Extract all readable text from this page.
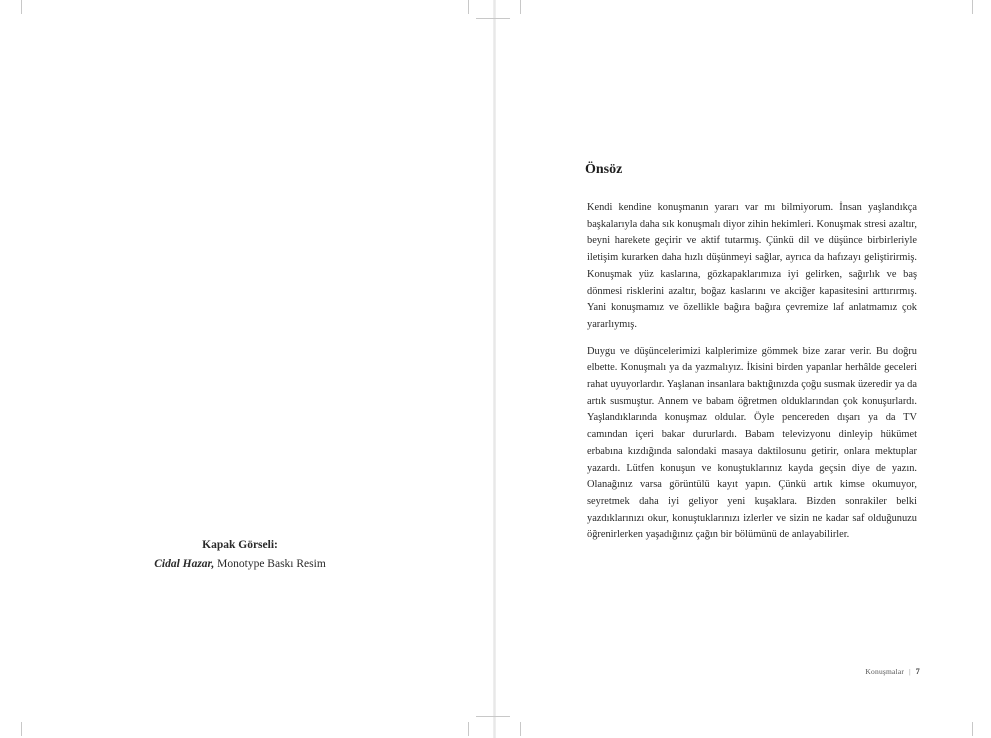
Kapak Görseli:
Cidal Hazar, Monotype Baskı Resim
Önsöz

Kendi kendine konuşmanın yararı var mı bilmiyorum. İnsan yaşlandıkça başkalarıyla daha sık konuşmalı diyor zihin hekimleri. Konuşmak stresi azaltır, beyni harekete geçirir ve aktif tutarmış. Çünkü dil ve düşünce birbirleriyle iletişim kurarken daha hızlı düşünmeyi sağlar, ayrıca da hafızayı geliştirirmiş. Konuşmak yüz kaslarına, gözkapaklarımıza iyi gelirken, sağırlık ve baş dönmesi risklerini azaltır, boğaz kaslarını ve akciğer kapasitesini arttırırmış. Yani konuşmamız ve özellikle bağıra bağıra çevremize laf anlatmamız çok yararlıymış.

Duygu ve düşüncelerimizi kalplerimize gömmek bize zarar verir. Bu doğru elbette. Konuşmalı ya da yazmalıyız. İkisini birden yapanlar herhâlde geceleri rahat uyuyorlardır. Yaşlanan insanlara baktığınızda çoğu susmak üzeredir ya da artık susmuştur. Annem ve babam öğretmen olduklarından çok konuşurlardı. Yaşlandıklarında konuşmaz oldular. Öyle pencereden dışarı ya da TV camından içeri bakar dururlardı. Babam televizyonu dinleyip hükümet erbabına kızdığında salondaki masaya daktilosunu getirir, onlara mektuplar yazardı. Lütfen konuşun ve konuştuklarınız kayda geçsin diye de yazın. Olanağınız varsa görüntülü kayıt yapın. Çünkü artık kimse okumuyor, seyretmek daha iyi geliyor yeni kuşaklara. Bizden sonrakiler belki yazdıklarınızı okur, konuştuklarınızı izlerler ve sizin ne kadar saf olduğunuzu öğrenirlerken yaşadığınız çağın bir bölümünü de anlayabilirler.

Konuşmalar | 7
